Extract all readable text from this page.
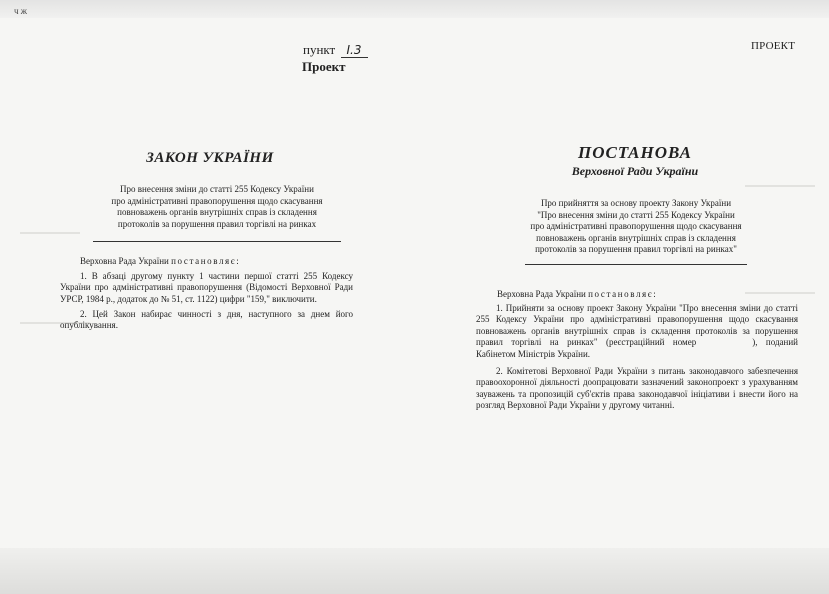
ч ж
ПРОЕКТ
пункт I.3
Проект
ЗАКОН УКРАЇНИ
Про внесення зміни до статті 255 Кодексу України
про адміністративні правопорушення щодо скасування
повноважень органів внутрішніх справ із складення
протоколів за порушення правил торгівлі на ринках
Верховна Рада України постановляє:
1. В абзаці другому пункту 1 частини першої статті 255 Кодексу України про адміністративні правопорушення (Відомості Верховної Ради УРСР, 1984 р., додаток до № 51, ст. 1122) цифри "159," виключити.
2. Цей Закон набирає чинності з дня, наступного за днем його опублікування.
ПОСТАНОВА
Верховної Ради України
Про прийняття за основу проекту Закону України
"Про внесення зміни до статті 255 Кодексу України
про адміністративні правопорушення щодо скасування
повноважень органів внутрішніх справ із складення
протоколів за порушення правил торгівлі на ринках"
Верховна Рада України постановляє:
1. Прийняти за основу проект Закону України "Про внесення зміни до статті 255 Кодексу України про адміністративні правопорушення щодо скасування повноважень органів внутрішніх справ із складення протоколів за порушення правил торгівлі на ринках" (реєстраційний номер	), поданий Кабінетом Міністрів України.
2. Комітетові Верховної Ради України з питань законодавчого забезпечення правоохоронної діяльності доопрацювати зазначений законопроект з урахуванням зауважень та пропозицій суб'єктів права законодавчої ініціативи і внести його на розгляд Верховної Ради України у другому читанні.
